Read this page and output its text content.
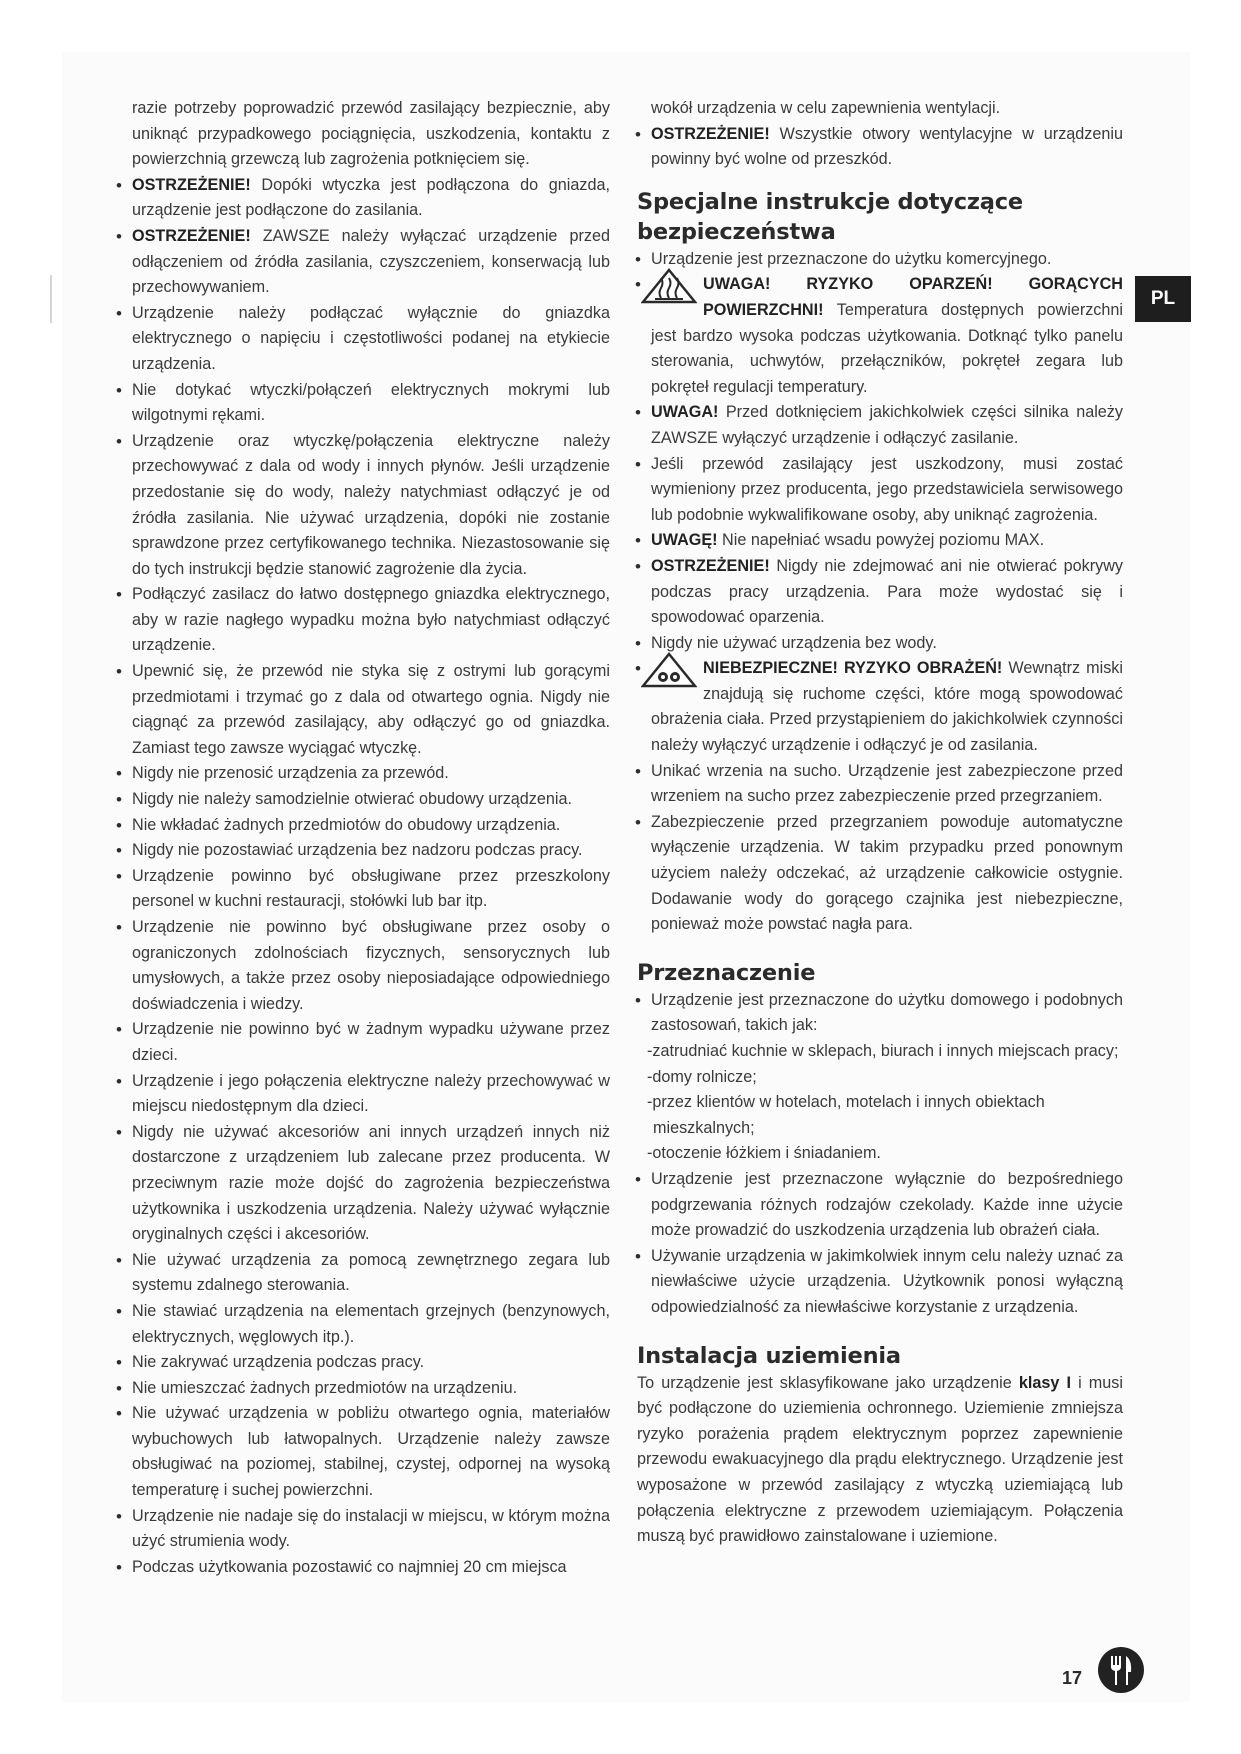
razie potrzeby poprowadzić przewód zasilający bezpiecznie, aby uniknąć przypadkowego pociągnięcia, uszkodzenia, kontaktu z powierzchnią grzewczą lub zagrożenia potknięciem się.

• OSTRZEŻENIE! Dopóki wtyczka jest podłączona do gniazda, urządzenie jest podłączone do zasilania.

• OSTRZEŻENIE! ZAWSZE należy wyłączać urządzenie przed odłączeniem od źródła zasilania, czyszczeniem, konserwacją lub przechowywaniem.

• Urządzenie należy podłączać wyłącznie do gniazdka elektrycznego o napięciu i częstotliwości podanej na etykiecie urządzenia.

• Nie dotykać wtyczki/połączeń elektrycznych mokrymi lub wilgotnymi rękami.

• Urządzenie oraz wtyczkę/połączenia elektryczne należy przechowywać z dala od wody i innych płynów. Jeśli urządzenie przedostanie się do wody, należy natychmiast odłączyć je od źródła zasilania. Nie używać urządzenia, dopóki nie zostanie sprawdzone przez certyfikowanego technika. Niezastosowanie się do tych instrukcji będzie stanowić zagrożenie dla życia.

• Podłączyć zasilacz do łatwo dostępnego gniazdka elektrycznego, aby w razie nagłego wypadku można było natychmiast odłączyć urządzenie.

• Upewnić się, że przewód nie styka się z ostrymi lub gorącymi przedmiotami i trzymać go z dala od otwartego ognia. Nigdy nie ciągnąć za przewód zasilający, aby odłączyć go od gniazdka. Zamiast tego zawsze wyciągać wtyczkę.

• Nigdy nie przenosić urządzenia za przewód.

• Nigdy nie należy samodzielnie otwierać obudowy urządzenia.

• Nie wkładać żadnych przedmiotów do obudowy urządzenia.

• Nigdy nie pozostawiać urządzenia bez nadzoru podczas pracy.

• Urządzenie powinno być obsługiwane przez przeszkolony personel w kuchni restauracji, stołówki lub bar itp.

• Urządzenie nie powinno być obsługiwane przez osoby o ograniczonych zdolnościach fizycznych, sensorycznych lub umysłowych, a także przez osoby nieposiadające odpowiedniego doświadczenia i wiedzy.

• Urządzenie nie powinno być w żadnym wypadku używane przez dzieci.

• Urządzenie i jego połączenia elektryczne należy przechowywać w miejscu niedostępnym dla dzieci.

• Nigdy nie używać akcesoriów ani innych urządzeń innych niż dostarczone z urządzeniem lub zalecane przez producenta. W przeciwnym razie może dojść do zagrożenia bezpieczeństwa użytkownika i uszkodzenia urządzenia. Należy używać wyłącznie oryginalnych części i akcesoriów.

• Nie używać urządzenia za pomocą zewnętrznego zegara lub systemu zdalnego sterowania.

• Nie stawiać urządzenia na elementach grzejnych (benzynowych, elektrycznych, węglowych itp.).

• Nie zakrywać urządzenia podczas pracy.

• Nie umieszczać żadnych przedmiotów na urządzeniu.

• Nie używać urządzenia w pobliżu otwartego ognia, materiałów wybuchowych lub łatwopalnych. Urządzenie należy zawsze obsługiwać na poziomej, stabilnej, czystej, odpornej na wysoką temperaturę i suchej powierzchni.

• Urządzenie nie nadaje się do instalacji w miejscu, w którym można użyć strumienia wody.

• Podczas użytkowania pozostawić co najmniej 20 cm miejsca

wokół urządzenia w celu zapewnienia wentylacji.

• OSTRZEŻENIE! Wszystkie otwory wentylacyjne w urządzeniu powinny być wolne od przeszkód.

Specjalne instrukcje dotyczące bezpieczeństwa

• Urządzenie jest przeznaczone do użytku komercyjnego.

• UWAGA! RYZYKO OPARZEŃ! GORĄCYCH POWIERZCHNI! Temperatura dostępnych powierzchni jest bardzo wysoka podczas użytkowania. Dotknąć tylko panelu sterowania, uchwytów, przełączników, pokręteł zegara lub pokręteł regulacji temperatury.

• UWAGA! Przed dotknięciem jakichkolwiek części silnika należy ZAWSZE wyłączyć urządzenie i odłączyć zasilanie.

• Jeśli przewód zasilający jest uszkodzony, musi zostać wymieniony przez producenta, jego przedstawiciela serwisowego lub podobnie wykwalifikowane osoby, aby uniknąć zagrożenia.

• UWAGĘ! Nie napełniać wsadu powyżej poziomu MAX.

• OSTRZEŻENIE! Nigdy nie zdejmować ani nie otwierać pokrywy podczas pracy urządzenia. Para może wydostać się i spowodować oparzenia.

• Nigdy nie używać urządzenia bez wody.

• NIEBEZPIECZNE! RYZYKO OBRAŻEŃ! Wewnątrz miski znajdują się ruchome części, które mogą spowodować obrażenia ciała. Przed przystąpieniem do jakichkolwiek czynności należy wyłączyć urządzenie i odłączyć je od zasilania.

• Unikać wrzenia na sucho. Urządzenie jest zabezpieczone przed wrzeniem na sucho przez zabezpieczenie przed przegrzaniem.

• Zabezpieczenie przed przegrzaniem powoduje automatyczne wyłączenie urządzenia. W takim przypadku przed ponownym użyciem należy odczekać, aż urządzenie całkowicie ostygnie. Dodawanie wody do gorącego czajnika jest niebezpieczne, ponieważ może powstać nagła para.

Przeznaczenie

• Urządzenie jest przeznaczone do użytku domowego i podobnych zastosowań, takich jak:

-zatrudniać kuchnie w sklepach, biurach i innych miejscach pracy;

-domy rolnicze;

-przez klientów w hotelach, motelach i innych obiektach mieszkalnych;

-otoczenie łóżkiem i śniadaniem.

• Urządzenie jest przeznaczone wyłącznie do bezpośredniego podgrzewania różnych rodzajów czekolady. Każde inne użycie może prowadzić do uszkodzenia urządzenia lub obrażeń ciała.

• Używanie urządzenia w jakimkolwiek innym celu należy uznać za niewłaściwe użycie urządzenia. Użytkownik ponosi wyłączną odpowiedzialność za niewłaściwe korzystanie z urządzenia.

Instalacja uziemienia

To urządzenie jest sklasyfikowane jako urządzenie klasy I i musi być podłączone do uziemienia ochronnego. Uziemienie zmniejsza ryzyko porażenia prądem elektrycznym poprzez zapewnienie przewodu ewakuacyjnego dla prądu elektrycznego. Urządzenie jest wyposażone w przewód zasilający z wtyczką uziemiającą lub połączenia elektryczne z przewodem uziemiającym. Połączenia muszą być prawidłowo zainstalowane i uziemione.

PL
17
